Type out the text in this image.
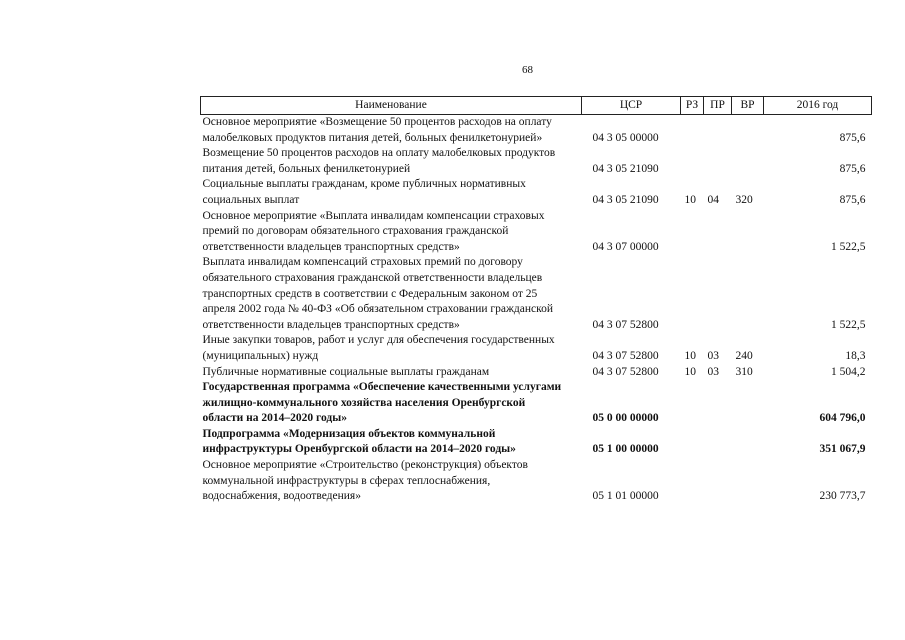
68
Наименование	ЦСР	РЗ	ПР	ВР	2016 год
Основное мероприятие «Возмещение 50 процентов расходов на оплату малобелковых продуктов питания детей, больных фенилкетонурией»	04 3 05 00000				875,6
Возмещение 50 процентов расходов на оплату малобелковых продуктов питания детей, больных фенилкетонурией	04 3 05 21090				875,6
Социальные выплаты гражданам, кроме публичных нормативных социальных выплат	04 3 05 21090	10	04	320	875,6
Основное мероприятие «Выплата инвалидам компенсации страховых премий по договорам обязательного страхования гражданской ответственности владельцев транспортных средств»	04 3 07 00000				1 522,5
Выплата инвалидам компенсаций страховых премий по договору обязательного страхования гражданской ответственности владельцев транспортных средств в соответствии с Федеральным законом от 25 апреля 2002 года № 40-ФЗ «Об обязательном страховании гражданской ответственности владельцев транспортных средств»	04 3 07 52800				1 522,5
Иные закупки товаров, работ и услуг для обеспечения государственных (муниципальных) нужд	04 3 07 52800	10	03	240	18,3
Публичные нормативные социальные выплаты гражданам	04 3 07 52800	10	03	310	1 504,2
Государственная программа «Обеспечение качественными услугами жилищно-коммунального хозяйства населения Оренбургской области на 2014–2020 годы»	05 0 00 00000				604 796,0
Подпрограмма «Модернизация объектов коммунальной инфраструктуры Оренбургской области на 2014–2020 годы»	05 1 00 00000				351 067,9
Основное мероприятие «Строительство (реконструкция) объектов коммунальной инфраструктуры в сферах теплоснабжения, водоснабжения, водоотведения»	05 1 01 00000				230 773,7
